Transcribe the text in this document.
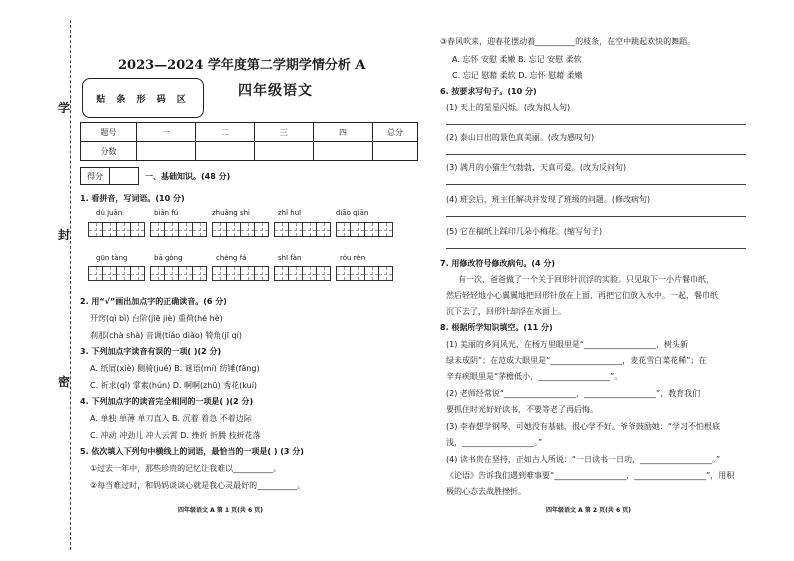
学
封
密
2023—2024 学年度第二学期学情分析 A
贴 条 形 码 区
四年级语文
题号	一	二	三	四	总分
分数					
得分	一、基础知识。(48 分)
1. 看拼音，写词语。(10 分)
dù juān	biān fú	zhuāng shì	zhǐ huī	diāo qiān
gūn tàng	bā gòng	chéng fá	shī fàn	róu rèn
2. 用“√”画出加点字的正确读音。(6 分)
开窍(qì bì) 台阶(jiē jiè) 重荷(hé hè)
刹那(chà shà) 音调(tiáo diào) 犄角(jī qí)
3. 下列加点字读音有误的一项( )(2 分)
A. 纸屑(xiè) 侧骑(jué) B. 谜语(mí) 纺锤(fǎng)
C. 祈求(qǐ) 掌素(hún) D. 啊啊(zhū) 秀花(kuí)
4. 下列加点字的读音完全相同的一项是( )(2 分)
A. 单独 单薄 单刀直入 B. 沉着 着急 不着边际
C. 冲动 冲劲儿 冲人云霄 D. 挫折 折腾 枝折花落
5. 依次填入下列句中横线上的词语，最恰当的一项是( ) (3 分)
①过去一年中，那些珍贵的记忆让我难以__________。
②每当难过时，和妈妈谈谈心就是我心灵最好的__________。
四年级语文 A 第 1 页(共 6 页)
③春风吹来，迎春花摆动着__________的枝条，在空中跳起欢快的舞蹈。
A. 忘怀 安慰 柔嫩 B. 忘记 安慰 柔软
C. 忘记 慰藉 柔软 D. 忘怀 慰藉 柔嫩
6. 按要求写句子。(10 分)
(1) 天上的星星闪烁。(改为拟人句)
(2) 泰山日出的景色真美丽。(改为感叹句)
(3) 满月的小猫生气勃勃，天真可爱。(改为反问句)
(4) 班会后，班主任解决并发现了班级的问题。(修改病句)
(5) 它在稿纸上踩印几朵小梅花。(缩写句子)
7. 用修改符号修改病句。(4 分)
有一次，爸爸做了一个关于回形针沉浮的实验。只见取下一小片餐巾纸，
然后轻轻地小心翼翼地把回形针放在上面，再把它们放入水中。一起，餐巾纸
沉下去了，回形针却浮在水面上。
8. 根据所学知识填空。(11 分)
(1) 美丽的乡间风光，在杨万里眼里是“__________________，树头新
绿未成阴”；在范成大眼里是“__________________，麦花雪白菜花稀”；在
辛弃疾眼里是“茅檐低小，__________________”。
(2) 老师经常说“__________________，__________________”，教育我们
要抓住时光好好读书，不要等老了再后悔。
(3) 李春想学钢琴，可她没有基础，很心学不好。爷爷鼓励她：“学习不怕根底
浅，__________________。”
(4) 读书贵在坚持，正如古人所说：“一日读书一日功，__________________。”
《论语》告诉我们遇到难事要“__________________，__________________”，用积
极的心态去战胜挫折。
四年级语文 A 第 2 页(共 6 页)
